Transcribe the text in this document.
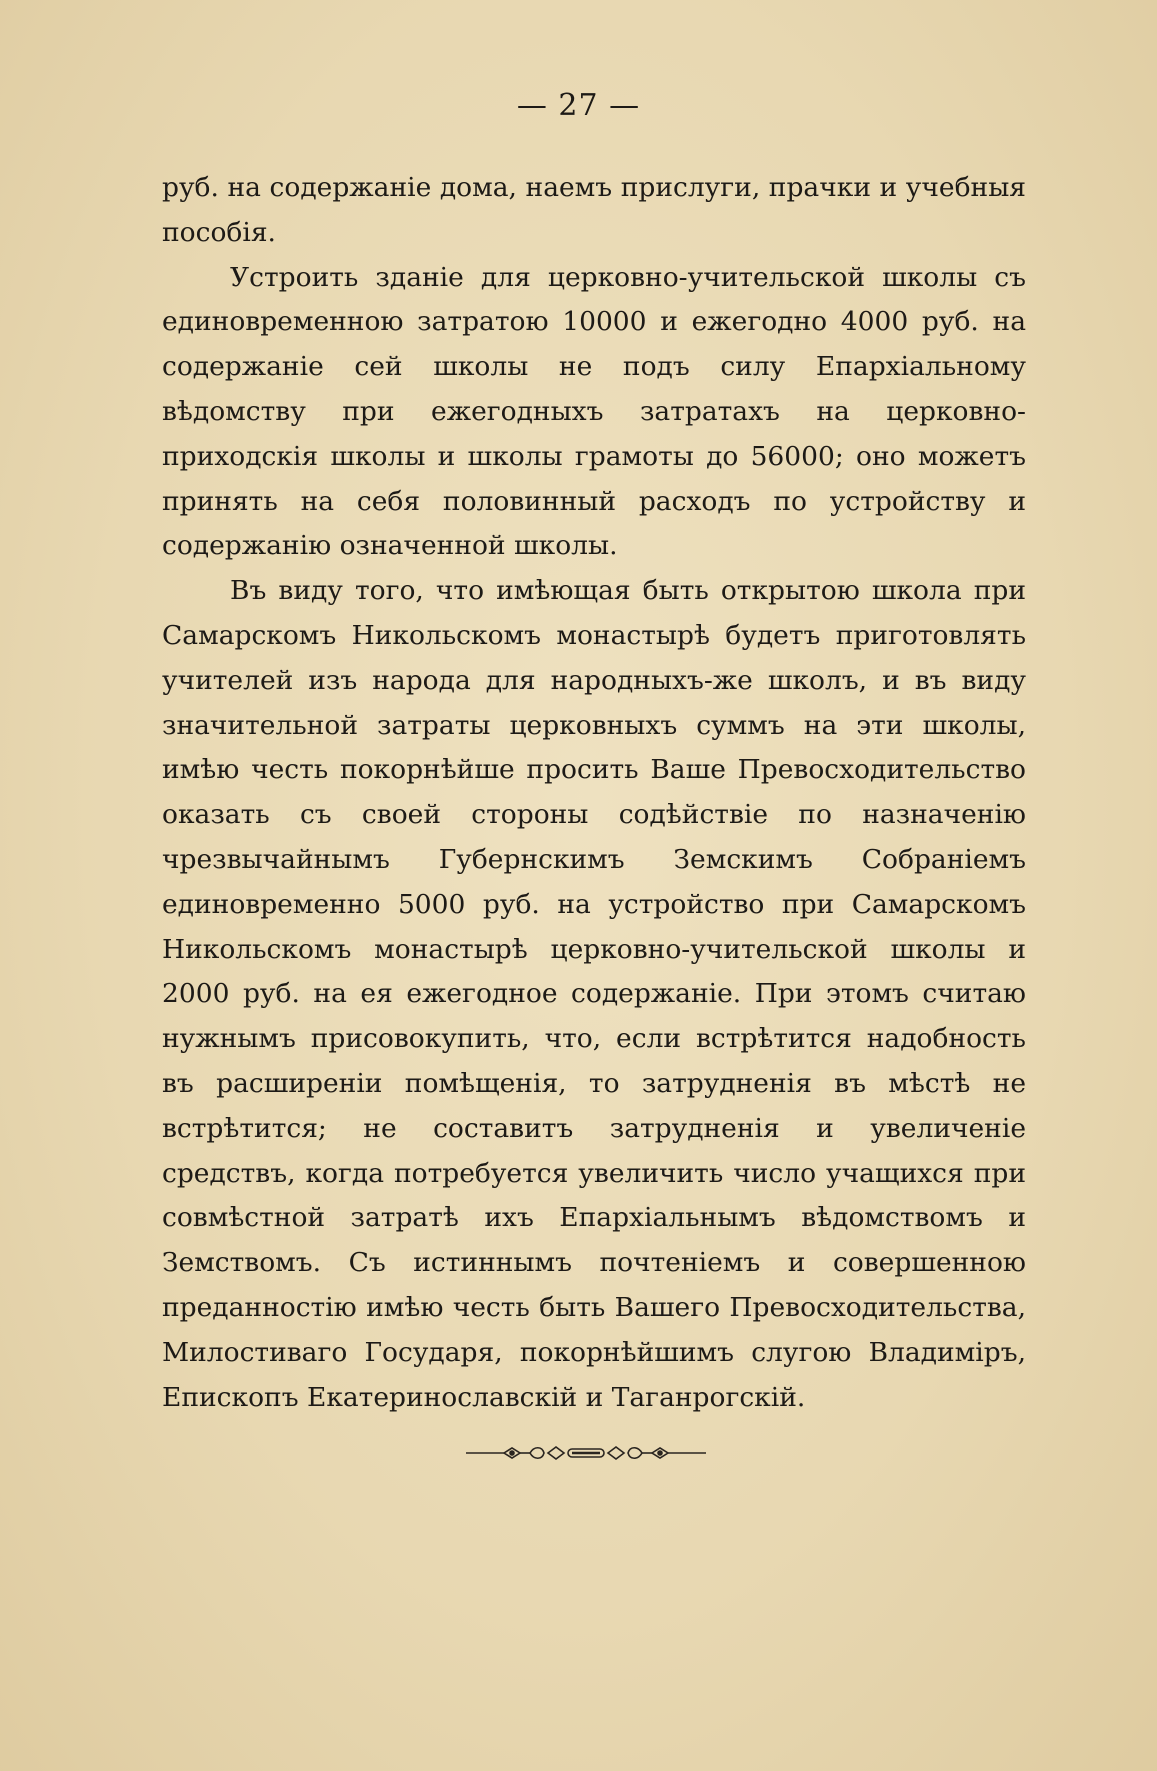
— 27 —

руб. на содержаніе дома, наемъ прислуги, прачки и учебныя пособія.

Устроить зданіе для церковно-учительской школы съ единовременною затратою 10000 и ежегодно 4000 руб. на содержаніе сей школы не подъ силу Епархіальному вѣдомству при ежегодныхъ затратахъ на церковно-приходскія школы и школы грамоты до 56000; оно можетъ принять на себя половинный расходъ по устройству и содержанію означенной школы.

Въ виду того, что имѣющая быть открытою школа при Самарскомъ Никольскомъ монастырѣ будетъ приготовлять учителей изъ народа для народныхъ-же школъ, и въ виду значительной затраты церковныхъ суммъ на эти школы, имѣю честь покорнѣйше просить Ваше Превосходительство оказать съ своей стороны содѣйствіе по назначенію чрезвычайнымъ Губернскимъ Земскимъ Собраніемъ единовременно 5000 руб. на устройство при Самарскомъ Никольскомъ монастырѣ церковно-учительской школы и 2000 руб. на ея ежегодное содержаніе. При этомъ считаю нужнымъ присовокупить, что, если встрѣтится надобность въ расширеніи помѣщенія, то затрудненія въ мѣстѣ не встрѣтится; не составитъ затрудненія и увеличеніе средствъ, когда потребуется увеличить число учащихся при совмѣстной затратѣ ихъ Епархіальнымъ вѣдомствомъ и Земствомъ. Съ истиннымъ почтеніемъ и совершенною преданностію имѣю честь быть Вашего Превосходительства, Милостиваго Государя, покорнѣйшимъ слугою Владиміръ, Епископъ Екатеринославскій и Таганрогскій.
